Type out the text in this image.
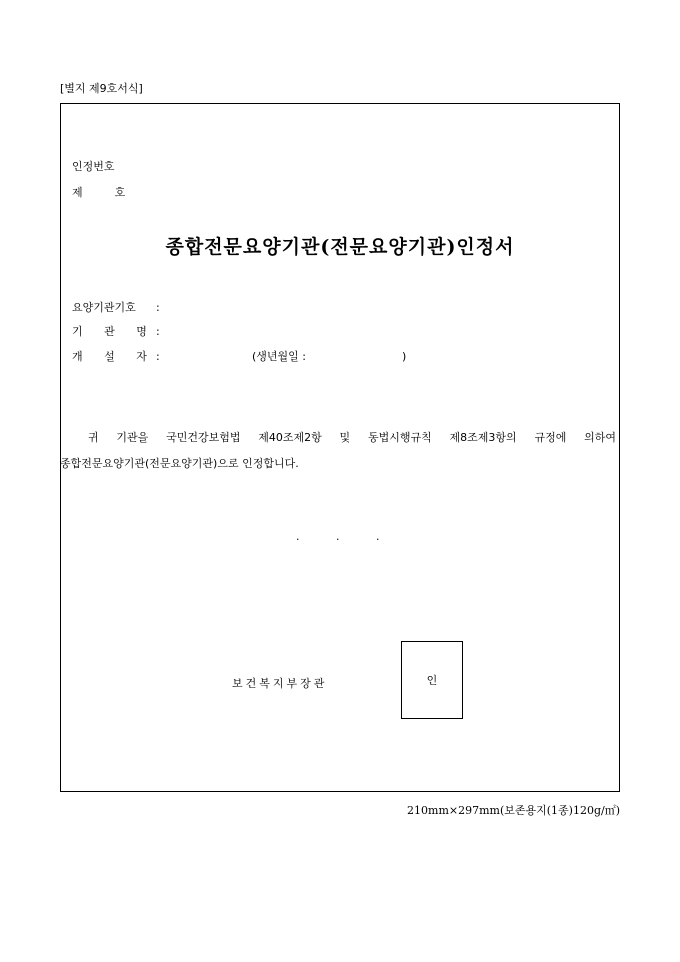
[별지 제9호서식]
인정번호
제	호
종합전문요양기관(전문요양기관)인정서
요양기관기호 :
기 관 명:
개 설 자:	(생년월일 :	)
귀 기관을 국민건강보험법 제40조제2항 및 동법시행규칙 제8조제3항의 규정에 의하여
종합전문요양기관(전문요양기관)으로 인정합니다.
.	.	.
보건복지부장관	인
210mm×297mm(보존용지(1종)120g/㎡)
